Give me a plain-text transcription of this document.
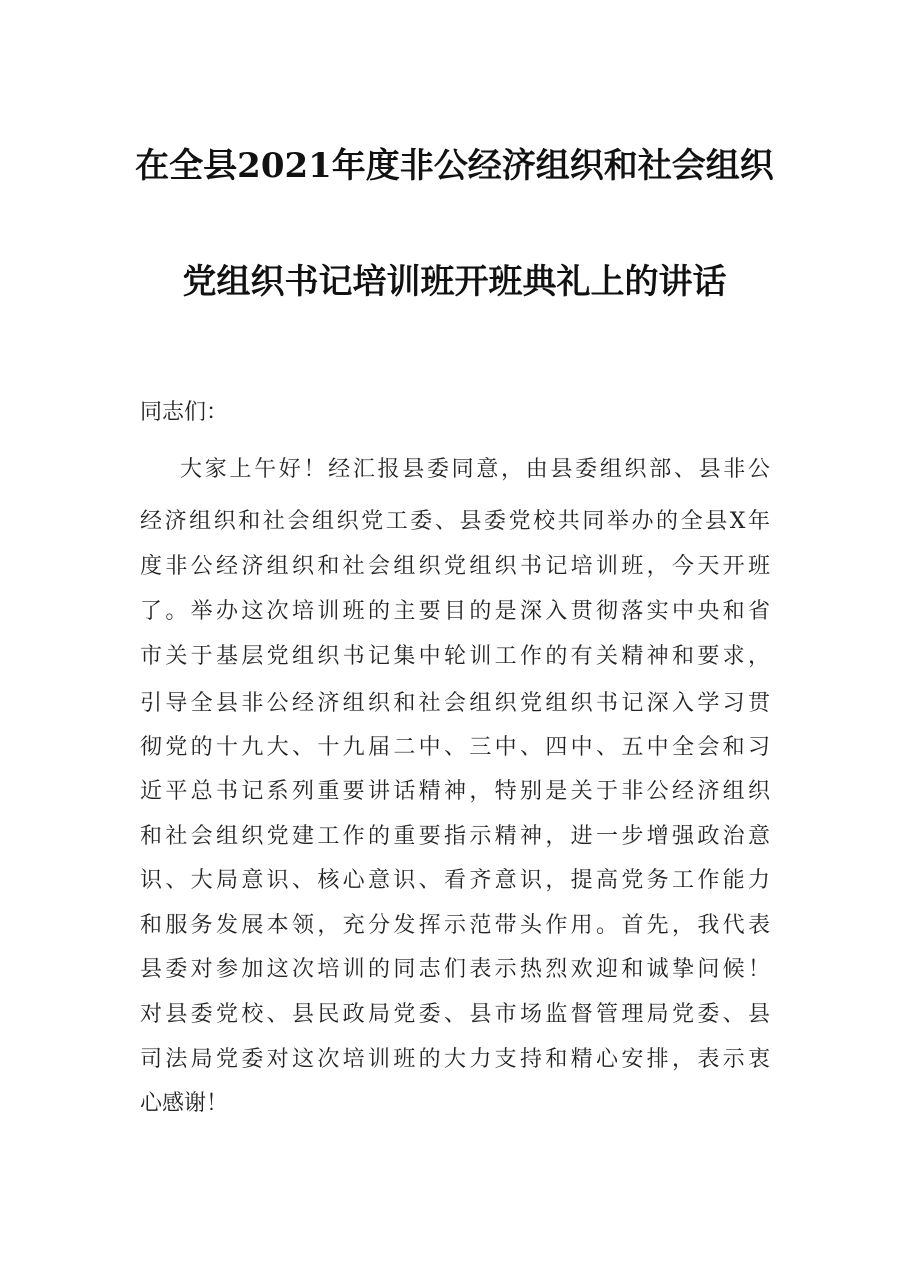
在全县2021年度非公经济组织和社会组织
党组织书记培训班开班典礼上的讲话
同志们：
大家上午好！经汇报县委同意，由县委组织部、县非公
经济组织和社会组织党工委、县委党校共同举办的全县X年
度非公经济组织和社会组织党组织书记培训班，今天开班
了。举办这次培训班的主要目的是深入贯彻落实中央和省
市关于基层党组织书记集中轮训工作的有关精神和要求，
引导全县非公经济组织和社会组织党组织书记深入学习贯
彻党的十九大、十九届二中、三中、四中、五中全会和习
近平总书记系列重要讲话精神，特别是关于非公经济组织
和社会组织党建工作的重要指示精神，进一步增强政治意
识、大局意识、核心意识、看齐意识，提高党务工作能力
和服务发展本领，充分发挥示范带头作用。首先，我代表
县委对参加这次培训的同志们表示热烈欢迎和诚挚问候！
对县委党校、县民政局党委、县市场监督管理局党委、县
司法局党委对这次培训班的大力支持和精心安排，表示衷
心感谢！
